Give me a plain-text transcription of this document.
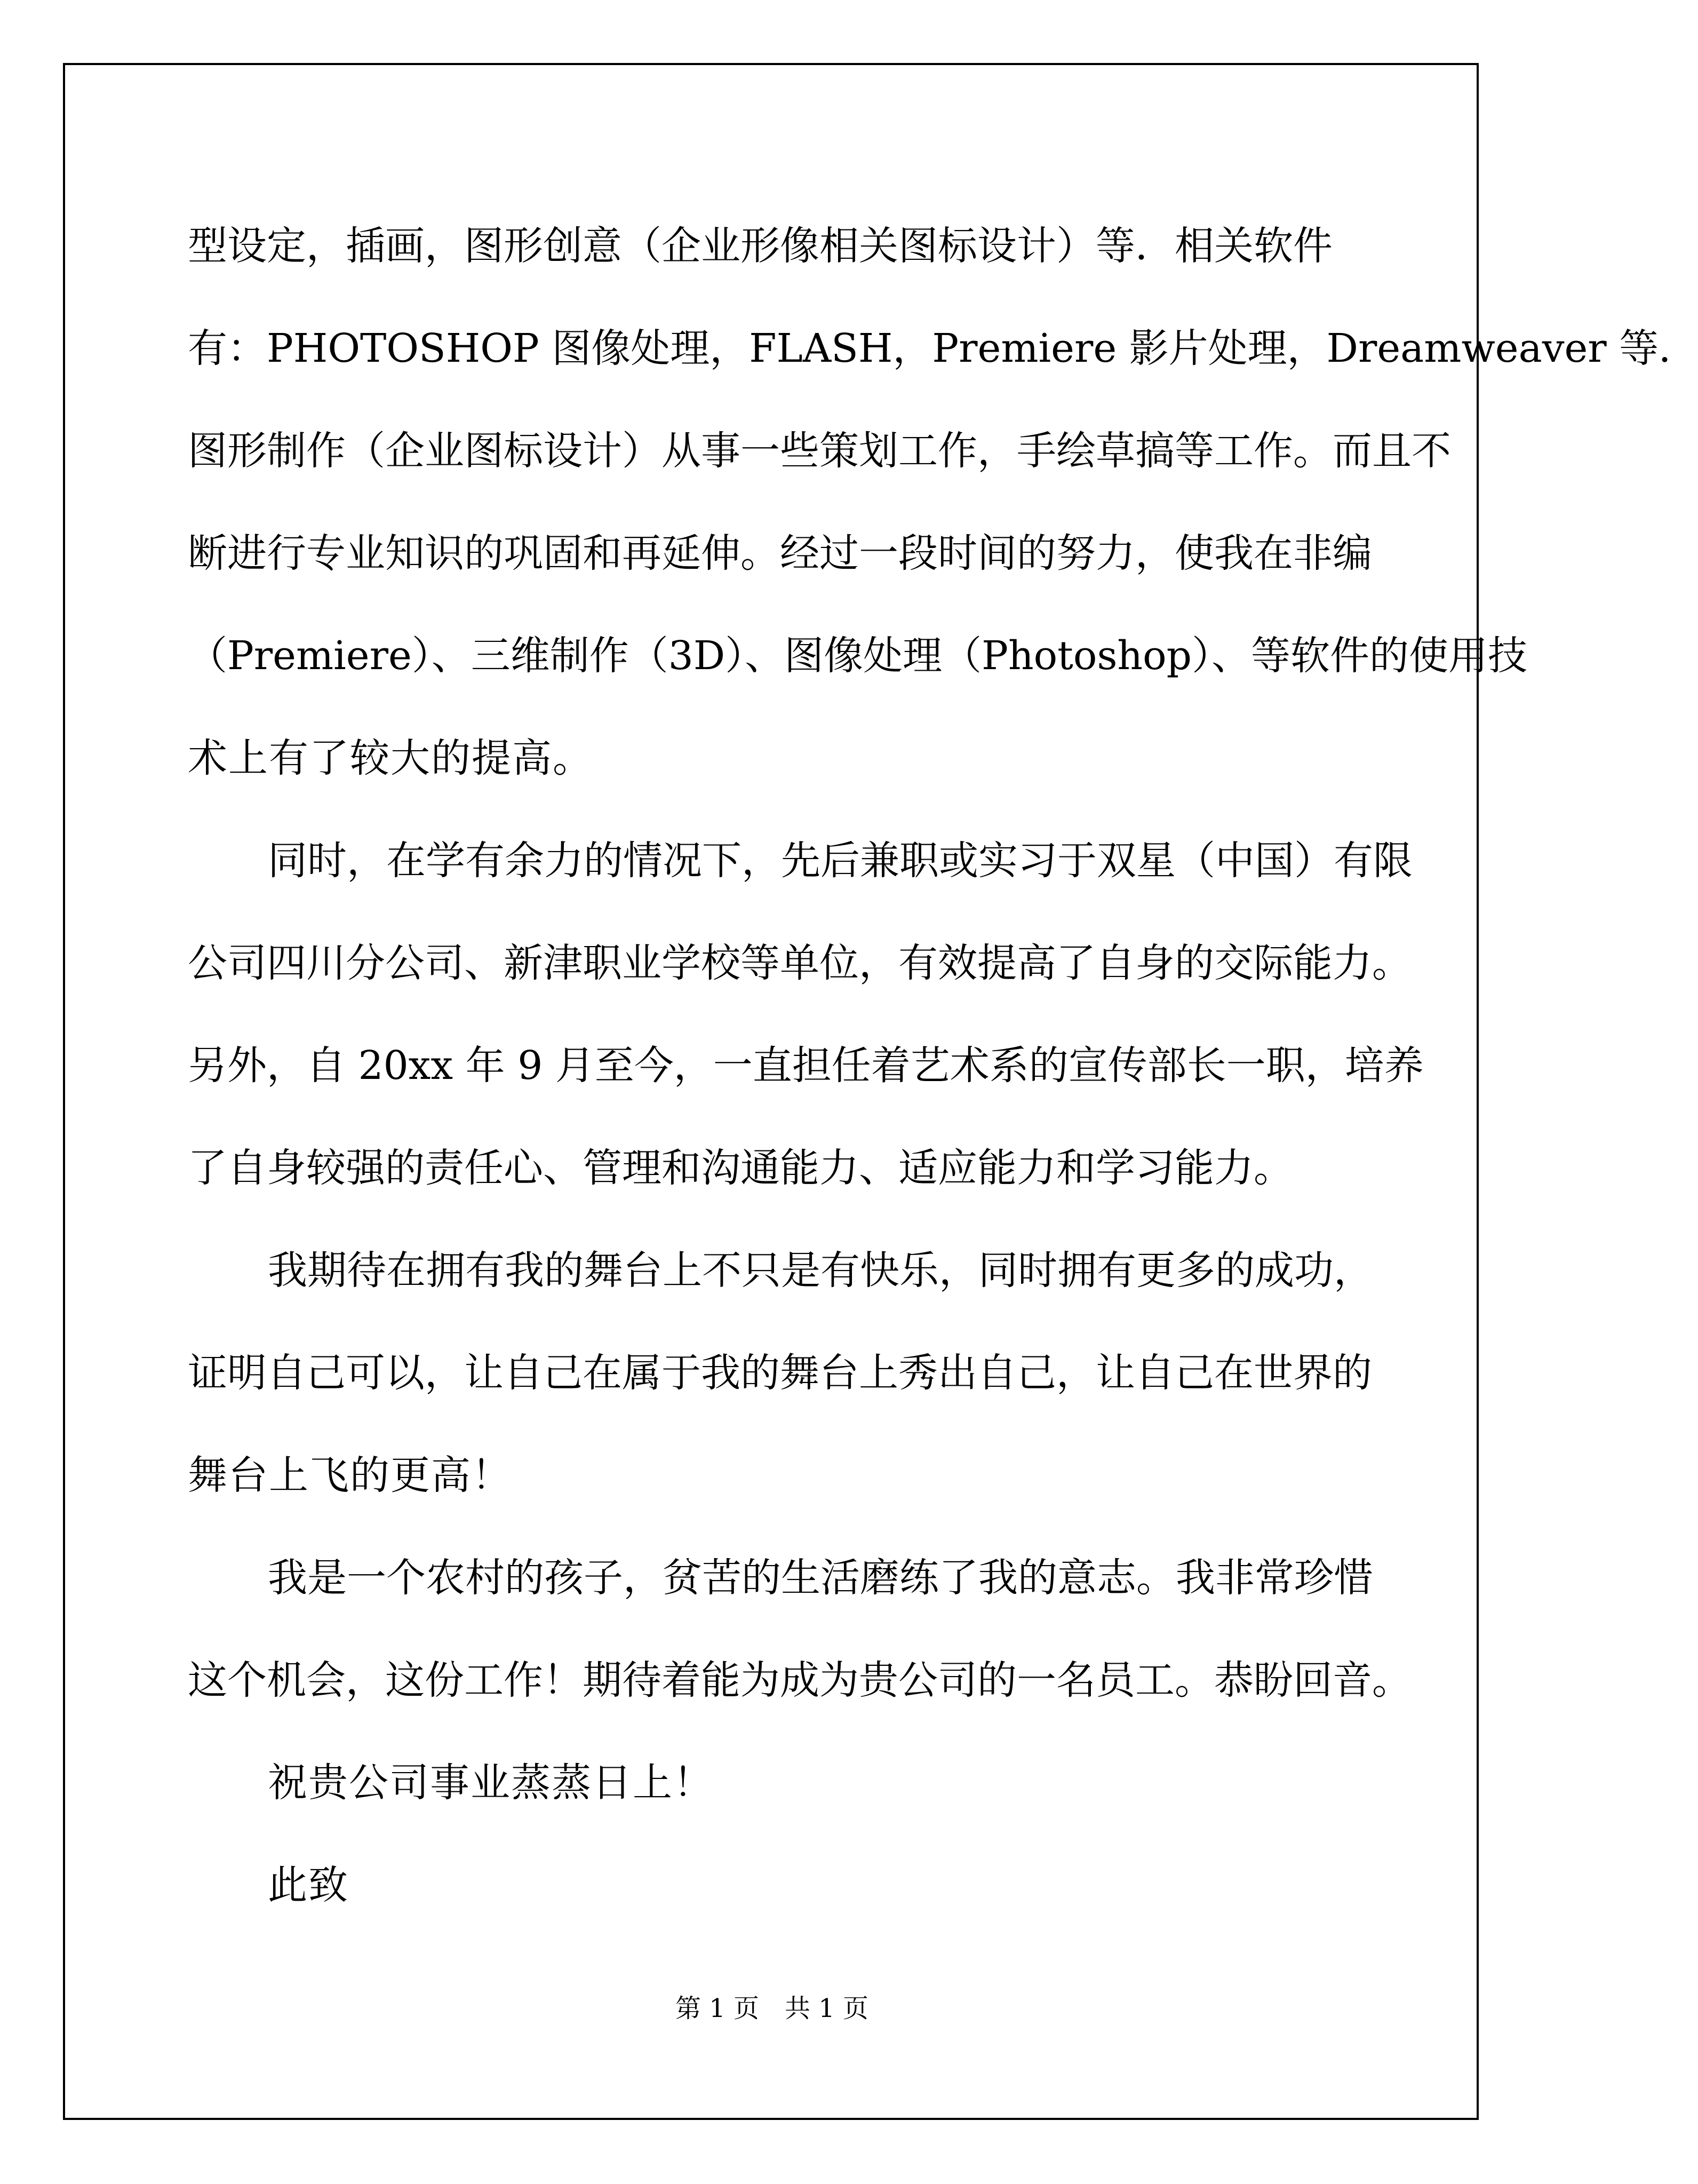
型设定，插画，图形创意（企业形像相关图标设计）等．相关软件
有：PHOTOSHOP 图像处理，FLASH，Premiere 影片处理，Dreamweaver 等．
图形制作（企业图标设计）从事一些策划工作，手绘草搞等工作。而且不
断进行专业知识的巩固和再延伸。经过一段时间的努力，使我在非编
（Premiere）、三维制作（3D）、图像处理（Photoshop）、等软件的使用技
术上有了较大的提高。
同时，在学有余力的情况下，先后兼职或实习于双星（中国）有限
公司四川分公司、新津职业学校等单位，有效提高了自身的交际能力。
另外，自 20xx 年 9 月至今，一直担任着艺术系的宣传部长一职，培养
了自身较强的责任心、管理和沟通能力、适应能力和学习能力。
我期待在拥有我的舞台上不只是有快乐，同时拥有更多的成功，
证明自己可以，让自己在属于我的舞台上秀出自己，让自己在世界的
舞台上飞的更高！
我是一个农村的孩子，贫苦的生活磨练了我的意志。我非常珍惜
这个机会，这份工作！期待着能为成为贵公司的一名员工。恭盼回音。
祝贵公司事业蒸蒸日上！
此致
第 1 页　共 1 页
